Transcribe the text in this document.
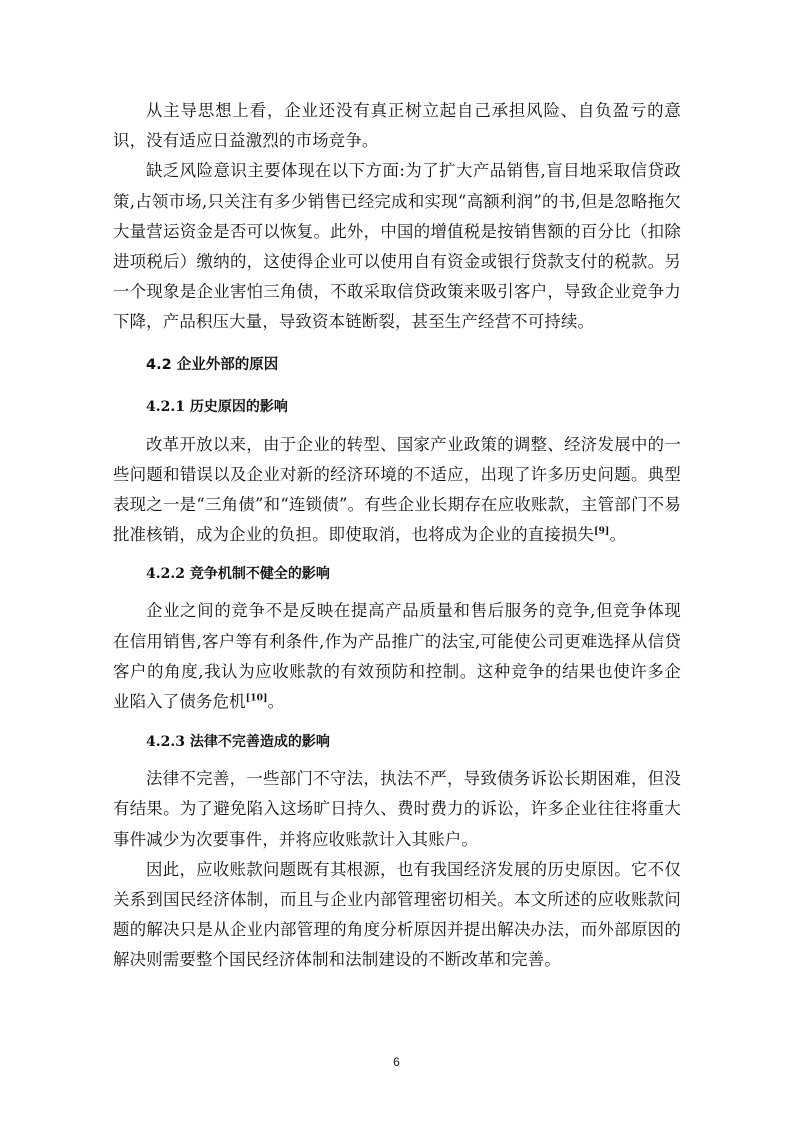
从主导思想上看，企业还没有真正树立起自己承担风险、自负盈亏的意识，没有适应日益激烈的市场竞争。

缺乏风险意识主要体现在以下方面:为了扩大产品销售,盲目地采取信贷政策,占领市场,只关注有多少销售已经完成和实现“高额利润”的书,但是忽略拖欠大量营运资金是否可以恢复。此外，中国的增值税是按销售额的百分比（扣除进项税后）缴纳的，这使得企业可以使用自有资金或银行贷款支付的税款。另一个现象是企业害怕三角债，不敢采取信贷政策来吸引客户，导致企业竞争力下降，产品积压大量，导致资本链断裂，甚至生产经营不可持续。

4.2 企业外部的原因

4.2.1 历史原因的影响

改革开放以来，由于企业的转型、国家产业政策的调整、经济发展中的一些问题和错误以及企业对新的经济环境的不适应，出现了许多历史问题。典型表现之一是“三角债”和“连锁债”。有些企业长期存在应收账款，主管部门不易批准核销，成为企业的负担。即使取消，也将成为企业的直接损失[9]。

4.2.2 竞争机制不健全的影响

企业之间的竞争不是反映在提高产品质量和售后服务的竞争,但竞争体现在信用销售,客户等有利条件,作为产品推广的法宝,可能使公司更难选择从信贷客户的角度,我认为应收账款的有效预防和控制。这种竞争的结果也使许多企业陷入了债务危机[10]。

4.2.3 法律不完善造成的影响

法律不完善，一些部门不守法，执法不严，导致债务诉讼长期困难，但没有结果。为了避免陷入这场旷日持久、费时费力的诉讼，许多企业往往将重大事件减少为次要事件，并将应收账款计入其账户。

因此，应收账款问题既有其根源，也有我国经济发展的历史原因。它不仅关系到国民经济体制，而且与企业内部管理密切相关。本文所述的应收账款问题的解决只是从企业内部管理的角度分析原因并提出解决办法，而外部原因的解决则需要整个国民经济体制和法制建设的不断改革和完善。

6
